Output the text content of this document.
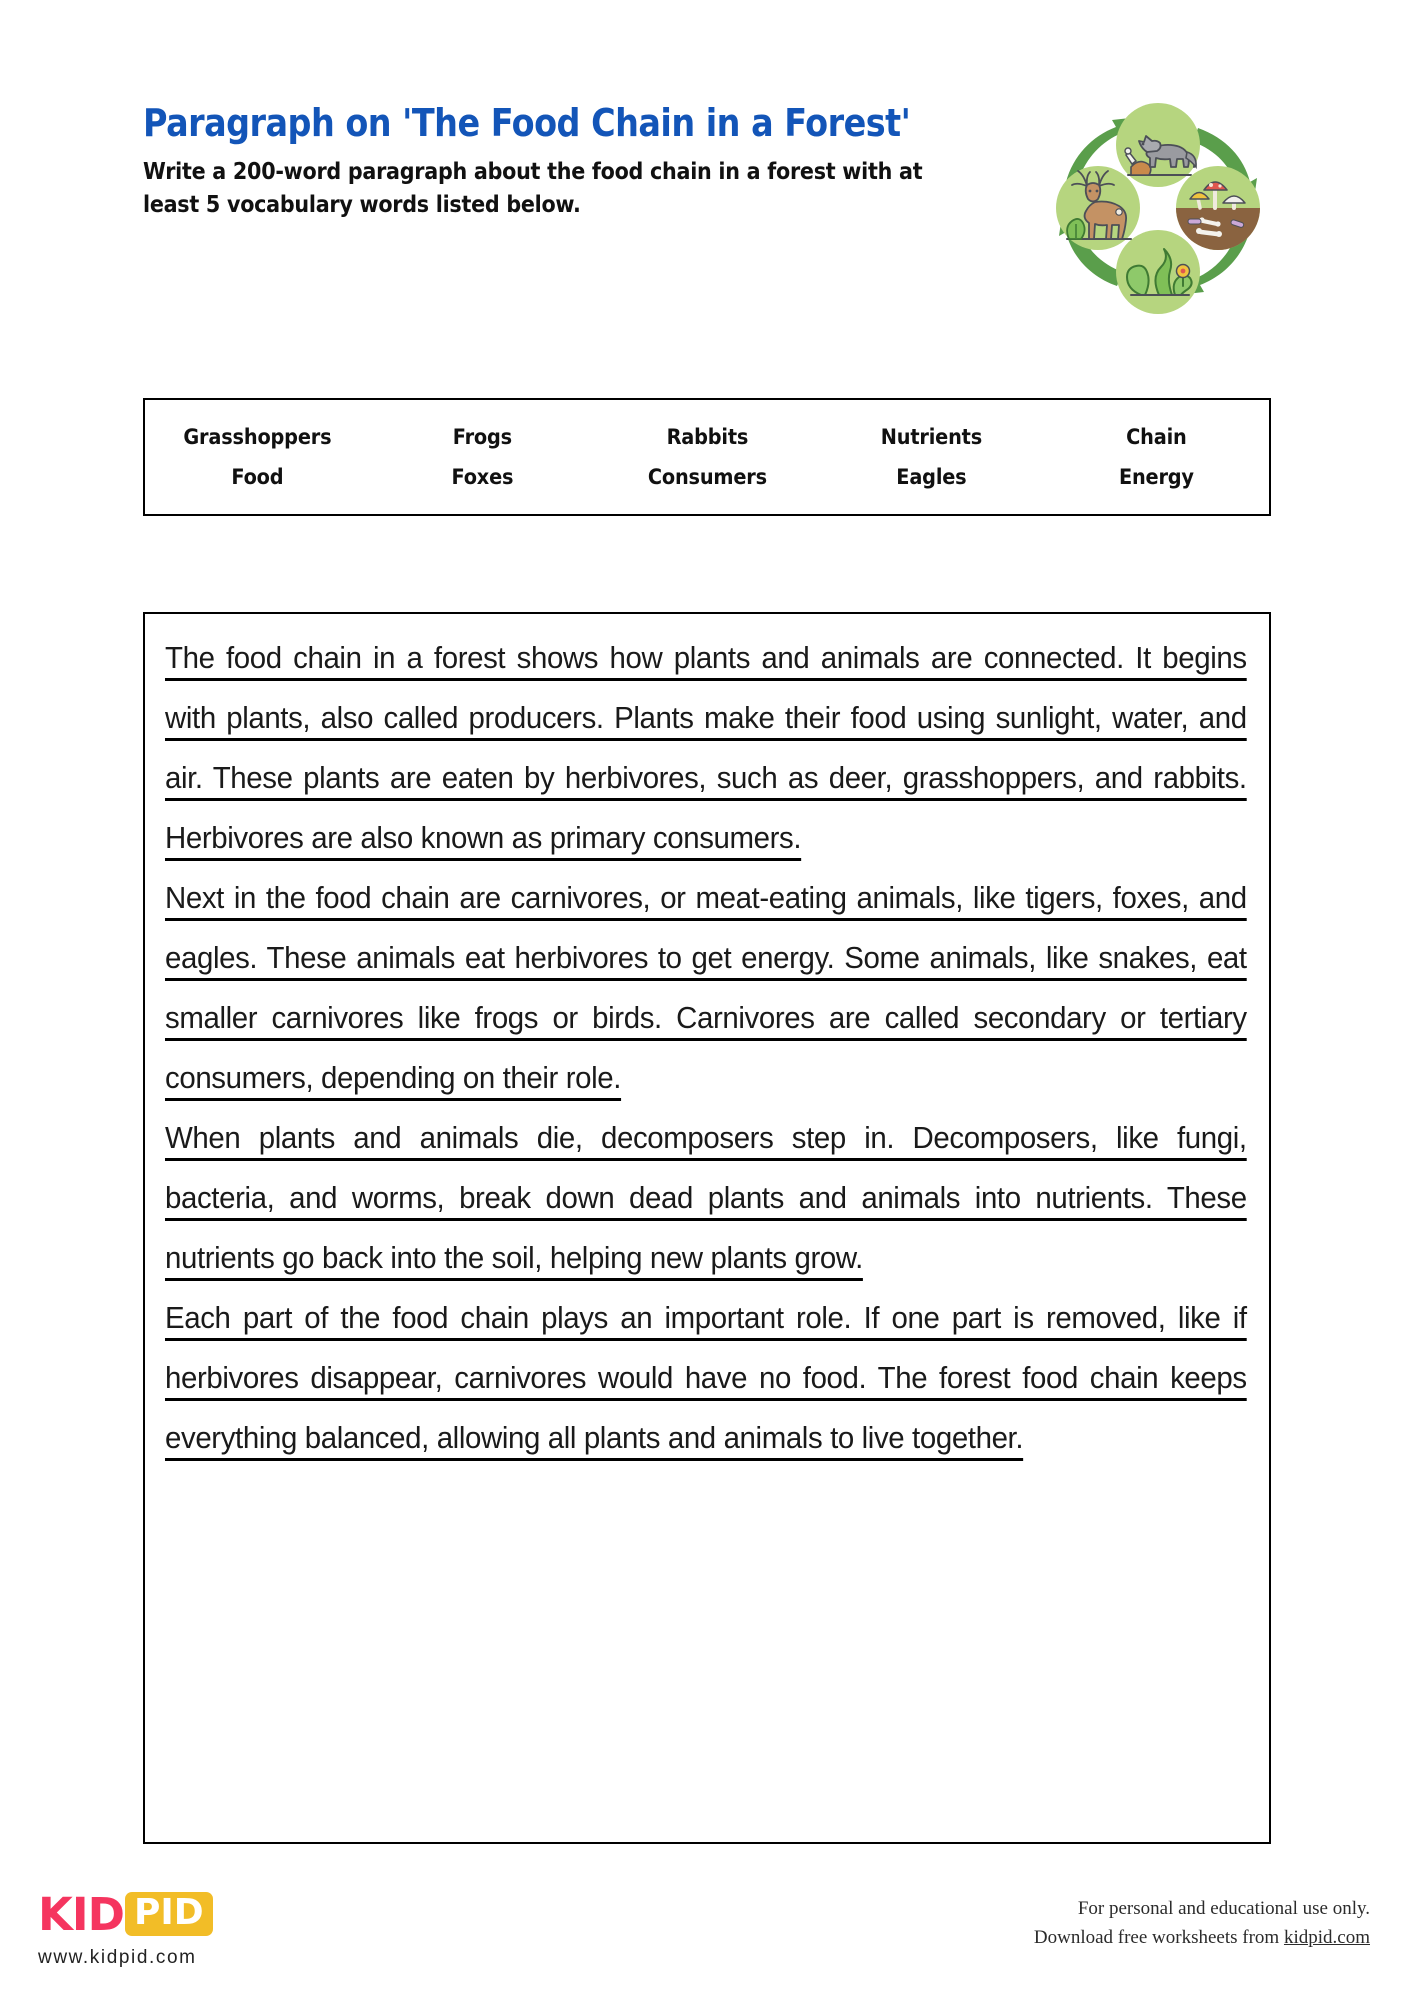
Paragraph on 'The Food Chain in a Forest'

Write a 200-word paragraph about the food chain in a forest with at least 5 vocabulary words listed below.

Grasshoppers	Frogs	Rabbits	Nutrients	Chain
Food	Foxes	Consumers	Eagles	Energy

The food chain in a forest shows how plants and animals are connected. It begins with plants, also called producers. Plants make their food using sunlight, water, and air. These plants are eaten by herbivores, such as deer, grasshoppers, and rabbits. Herbivores are also known as primary consumers.

Next in the food chain are carnivores, or meat-eating animals, like tigers, foxes, and eagles. These animals eat herbivores to get energy. Some animals, like snakes, eat smaller carnivores like frogs or birds. Carnivores are called secondary or tertiary consumers, depending on their role.

When plants and animals die, decomposers step in. Decomposers, like fungi, bacteria, and worms, break down dead plants and animals into nutrients. These nutrients go back into the soil, helping new plants grow.

Each part of the food chain plays an important role. If one part is removed, like if herbivores disappear, carnivores would have no food. The forest food chain keeps everything balanced, allowing all plants and animals to live together.

KID PID
www.kidpid.com
For personal and educational use only.
Download free worksheets from kidpid.com
